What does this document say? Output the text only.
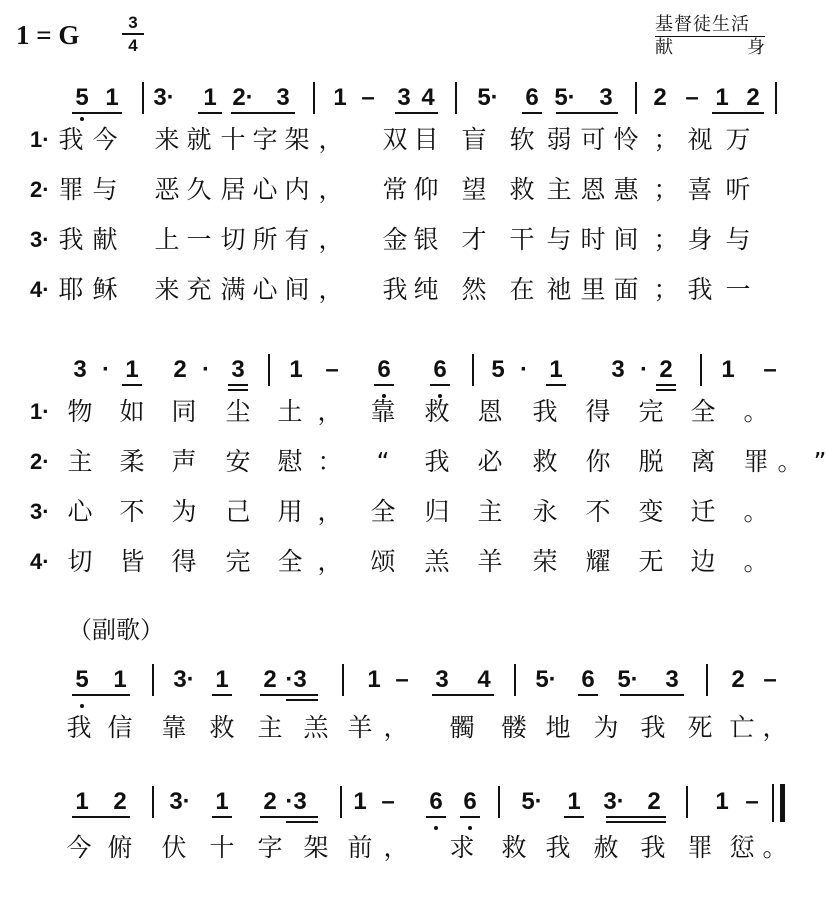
1 = G	$\frac{3}{4}$	基督徒生活
献 身
5 1 3· 1 2· 3 1 – 3 4 5· 6 5· 3 2 – 1 2
1· 我 今 来 就 十 字 架 ， 双 目 盲 软 弱 可 怜 ； 视 万
2· 罪 与 恶 久 居 心 内 ， 常 仰 望 救 主 恩 惠 ； 喜 听
3· 我 献 上 一 切 所 有 ， 金 银 才 干 与 时 间 ； 身 与
4· 耶 稣 来 充 满 心 间 ， 我 纯 然 在 祂 里 面 ； 我 一
3 · 1 2 · 3 1 – 6 6 5 · 1 3 · 2 1 –
1· 物 如 同 尘 土 ， 靠 救 恩 我 得 完 全 。
2· 主 柔 声 安 慰 ： “ 我 必 救 你 脱 离 罪 。 ”
3· 心 不 为 己 用 ， 全 归 主 永 不 变 迁 。
4· 切 皆 得 完 全 ， 颂 羔 羊 荣 耀 无 边 。
5 1 3· 1 2 ·3	1 – 3 4 5· 6 5· 3 2 –
我 信 靠 救 主 羔 羊 ， 髑 髅 地 为 我 死 亡 ，
1 2 3· 1 2 ·3 1 – 6 6 5· 1 3· 2 1 –
今 俯 伏 十 字 架 前 ， 求 救 我 赦 我 罪 愆 。
（副歌）
